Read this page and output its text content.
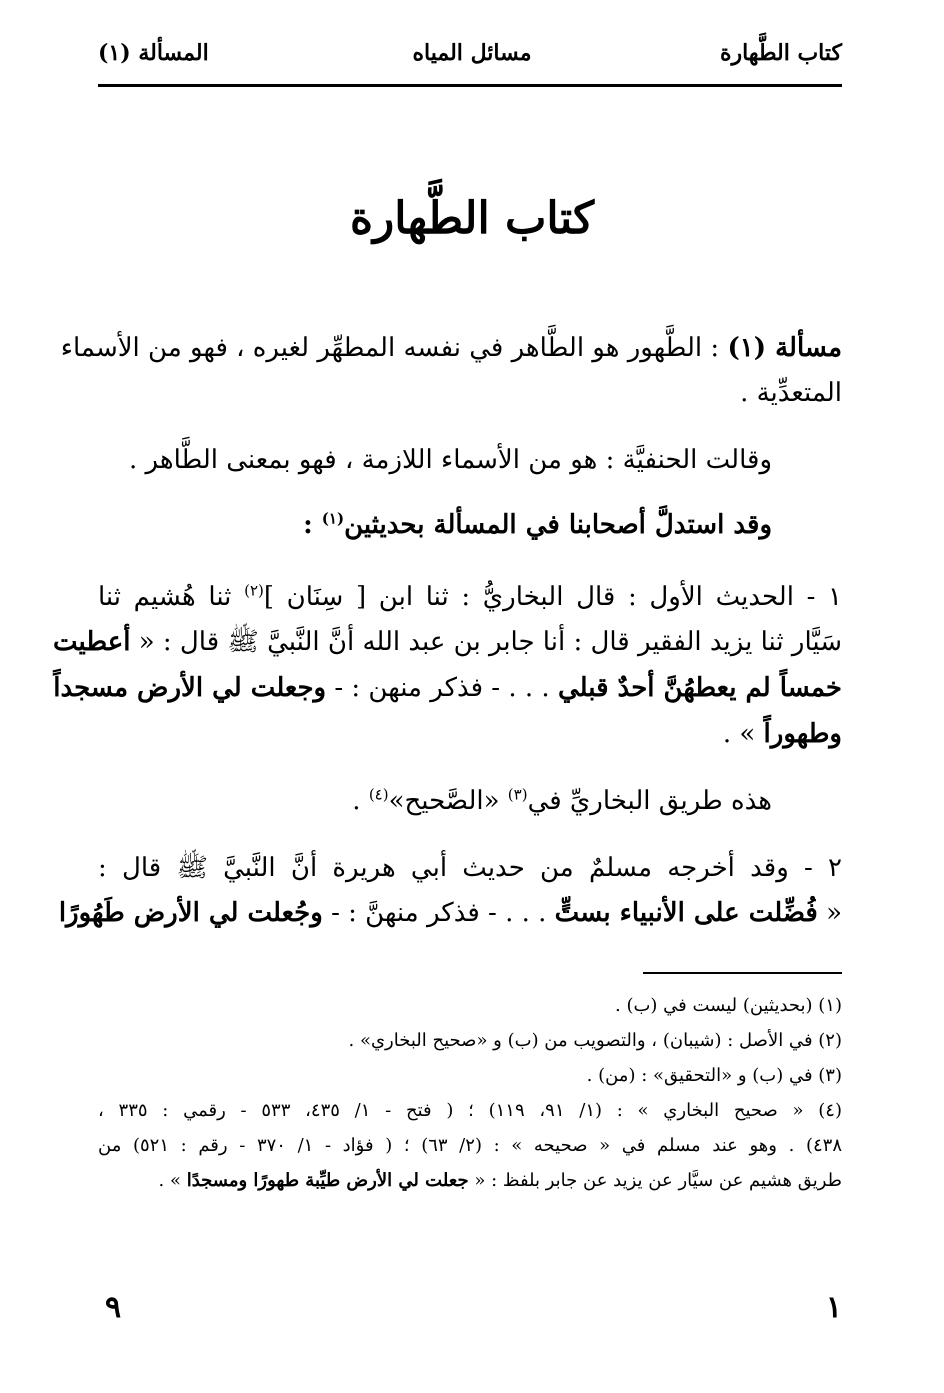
كتاب الطَّهارة
مسائل المياه
المسألة (١)
كتاب الطَّهارة
مسألة (١) : الطَّهور هو الطَّاهر في نفسه المطهِّر لغيره ، فهو من الأسماء
المتعدِّية .
وقالت الحنفيَّة : هو من الأسماء اللازمة ، فهو بمعنى الطَّاهر .
وقد استدلَّ أصحابنا في المسألة بحديثين$^{(١)}$ :
١ - الحديث الأول : قال البخاريُّ : ثنا ابن [ سِنَان ]$^{(٢)}$ ثنا هُشيم ثنا
سَيَّار ثنا يزيد الفقير قال : أنا جابر بن عبد الله أنَّ النَّبيَّ ﷺ قال : « أعطيت
خمساً لم يعطهُنَّ أحدٌ قبلي . . . - فذكر منهن : - وجعلت لي الأرض مسجداً
وطهوراً » .
هذه طريق البخاريِّ في$^{(٣)}$ «الصَّحيح»$^{(٤)}$ .
٢ - وقد أخرجه مسلمٌ من حديث أبي هريرة أنَّ النَّبيَّ ﷺ قال :
« فُضِّلت على الأنبياء بستٍّ . . . - فذكر منهنَّ : - وجُعلت لي الأرض طَهُورًا
(١) (بحديثين) ليست في (ب) .
(٢) في الأصل : (شيبان) ، والتصويب من (ب) و «صحيح البخاري» .
(٣) في (ب) و «التحقيق» : (من) .
(٤) « صحيح البخاري » : (١/ ٩١، ١١٩) ؛ ( فتح - ١/ ٤٣٥، ٥٣٣ - رقمي : ٣٣٥ ،
٤٣٨) . وهو عند مسلم في « صحيحه » : (٢/ ٦٣) ؛ ( فؤاد - ١/ ٣٧٠ - رقم : ٥٢١) من
طريق هشيم عن سيَّار عن يزيد عن جابر بلفظ : « جعلت لي الأرض طيِّبة طهورًا ومسجدًا » .
١
٩
